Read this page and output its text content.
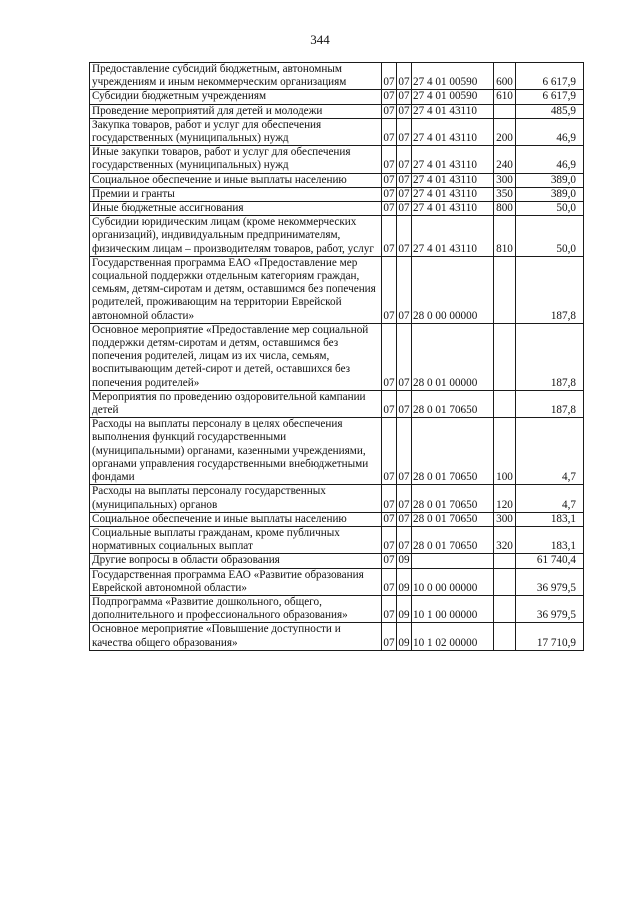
344
Предоставление субсидий бюджетным, автономным учреждениям и иным некоммерческим организациям	07	07	27 4 01 00590	600	6 617,9
Субсидии бюджетным учреждениям	07	07	27 4 01 00590	610	6 617,9
Проведение мероприятий для детей и молодежи	07	07	27 4 01 43110		485,9
Закупка товаров, работ и услуг для обеспечения государственных (муниципальных) нужд	07	07	27 4 01 43110	200	46,9
Иные закупки товаров, работ и услуг для обеспечения государственных (муниципальных) нужд	07	07	27 4 01 43110	240	46,9
Социальное обеспечение и иные выплаты населению	07	07	27 4 01 43110	300	389,0
Премии и гранты	07	07	27 4 01 43110	350	389,0
Иные бюджетные ассигнования	07	07	27 4 01 43110	800	50,0
Субсидии юридическим лицам (кроме некоммерческих организаций), индивидуальным предпринимателям, физическим лицам – производителям товаров, работ, услуг	07	07	27 4 01 43110	810	50,0
Государственная программа ЕАО «Предоставление мер социальной поддержки отдельным категориям граждан, семьям, детям-сиротам и детям, оставшимся без попечения родителей, проживающим на территории Еврейской автономной области»	07	07	28 0 00 00000		187,8
Основное мероприятие «Предоставление мер социальной поддержки детям-сиротам и детям, оставшимся без попечения родителей, лицам из их числа, семьям, воспитывающим детей-сирот и детей, оставшихся без попечения родителей»	07	07	28 0 01 00000		187,8
Мероприятия по проведению оздоровительной кампании детей	07	07	28 0 01 70650		187,8
Расходы на выплаты персоналу в целях обеспечения выполнения функций государственными (муниципальными) органами, казенными учреждениями, органами управления государственными внебюджетными фондами	07	07	28 0 01 70650	100	4,7
Расходы на выплаты персоналу государственных (муниципальных) органов	07	07	28 0 01 70650	120	4,7
Социальное обеспечение и иные выплаты населению	07	07	28 0 01 70650	300	183,1
Социальные выплаты гражданам, кроме публичных нормативных социальных выплат	07	07	28 0 01 70650	320	183,1
Другие вопросы в области образования	07	09			61 740,4
Государственная программа ЕАО «Развитие образования Еврейской автономной области»	07	09	10 0 00 00000		36 979,5
Подпрограмма «Развитие дошкольного, общего, дополнительного и профессионального образования»	07	09	10 1 00 00000		36 979,5
Основное мероприятие «Повышение доступности и качества общего образования»	07	09	10 1 02 00000		17 710,9
